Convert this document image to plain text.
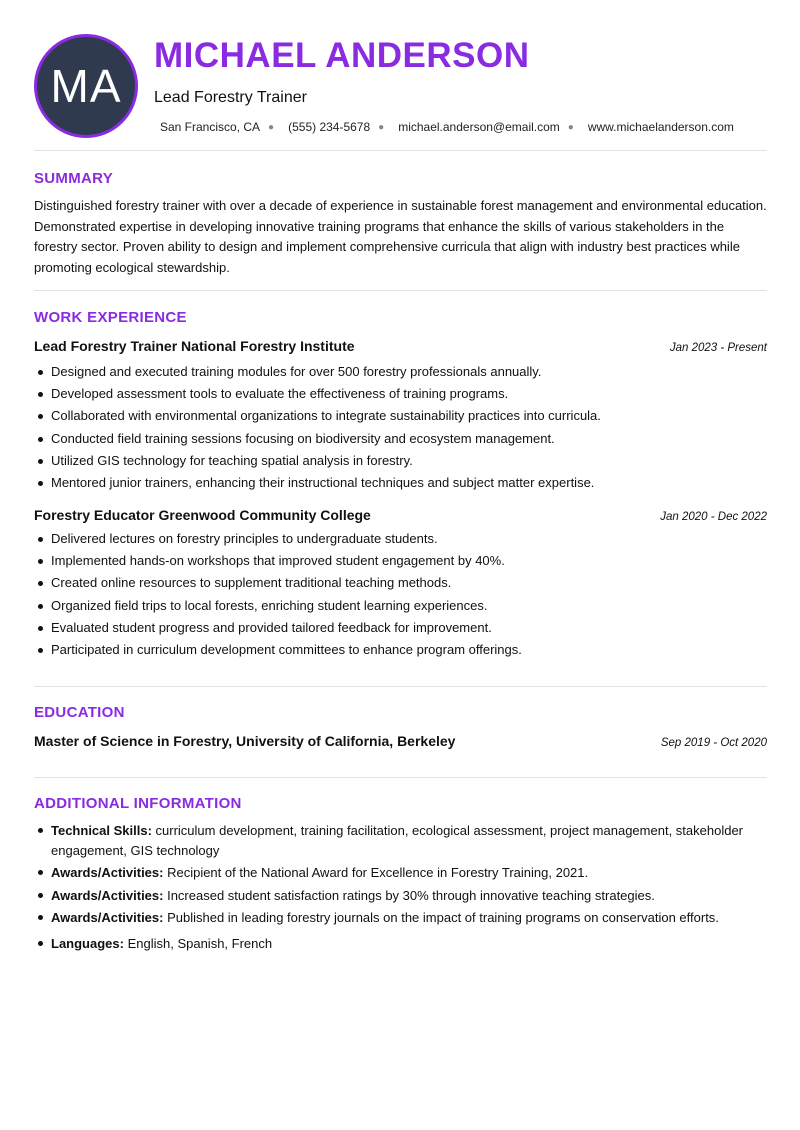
MA
MICHAEL ANDERSON
Lead Forestry Trainer
San Francisco, CA ● (555) 234-5678 ● michael.anderson@email.com ● www.michaelanderson.com
SUMMARY

Distinguished forestry trainer with over a decade of experience in sustainable forest management and environmental education. Demonstrated expertise in developing innovative training programs that enhance the skills of various stakeholders in the forestry sector. Proven ability to design and implement comprehensive curricula that align with industry best practices while promoting ecological stewardship.

WORK EXPERIENCE
Lead Forestry Trainer National Forestry Institute	Jan 2023 - Present
Designed and executed training modules for over 500 forestry professionals annually.
Developed assessment tools to evaluate the effectiveness of training programs.
Collaborated with environmental organizations to integrate sustainability practices into curricula.
Conducted field training sessions focusing on biodiversity and ecosystem management.
Utilized GIS technology for teaching spatial analysis in forestry.
Mentored junior trainers, enhancing their instructional techniques and subject matter expertise.
Forestry Educator Greenwood Community College	Jan 2020 - Dec 2022
Delivered lectures on forestry principles to undergraduate students.
Implemented hands-on workshops that improved student engagement by 40%.
Created online resources to supplement traditional teaching methods.
Organized field trips to local forests, enriching student learning experiences.
Evaluated student progress and provided tailored feedback for improvement.
Participated in curriculum development committees to enhance program offerings.
EDUCATION
Master of Science in Forestry, University of California, Berkeley	Sep 2019 - Oct 2020
ADDITIONAL INFORMATION
Technical Skills: curriculum development, training facilitation, ecological assessment, project management, stakeholder engagement, GIS technology
Awards/Activities: Recipient of the National Award for Excellence in Forestry Training, 2021.
Awards/Activities: Increased student satisfaction ratings by 30% through innovative teaching strategies.
Awards/Activities: Published in leading forestry journals on the impact of training programs on conservation efforts.
Languages: English, Spanish, French
